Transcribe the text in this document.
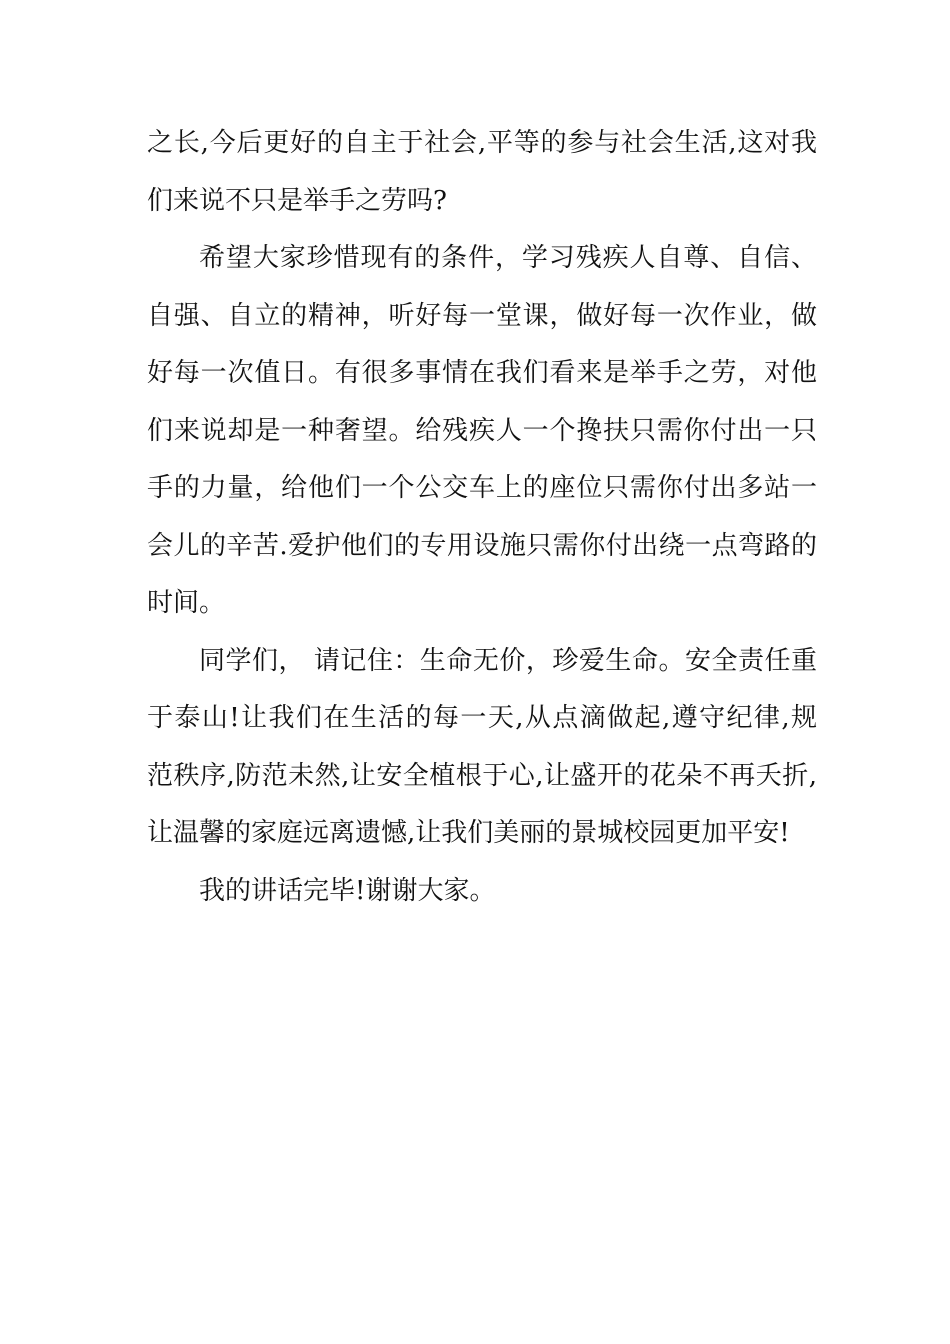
之长,今后更好的自主于社会,平等的参与社会生活,这对我
们来说不只是举手之劳吗?
希望大家珍惜现有的条件，学习残疾人自尊、自信、
自强、自立的精神，听好每一堂课，做好每一次作业，做
好每一次值日。有很多事情在我们看来是举手之劳，对他
们来说却是一种奢望。给残疾人一个搀扶只需你付出一只
手的力量，给他们一个公交车上的座位只需你付出多站一
会儿的辛苦.爱护他们的专用设施只需你付出绕一点弯路的
时间。
同学们， 请记住：生命无价，珍爱生命。安全责任重
于泰山!让我们在生活的每一天,从点滴做起,遵守纪律,规
范秩序,防范未然,让安全植根于心,让盛开的花朵不再夭折,
让温馨的家庭远离遗憾,让我们美丽的景城校园更加平安!
我的讲话完毕!谢谢大家。
